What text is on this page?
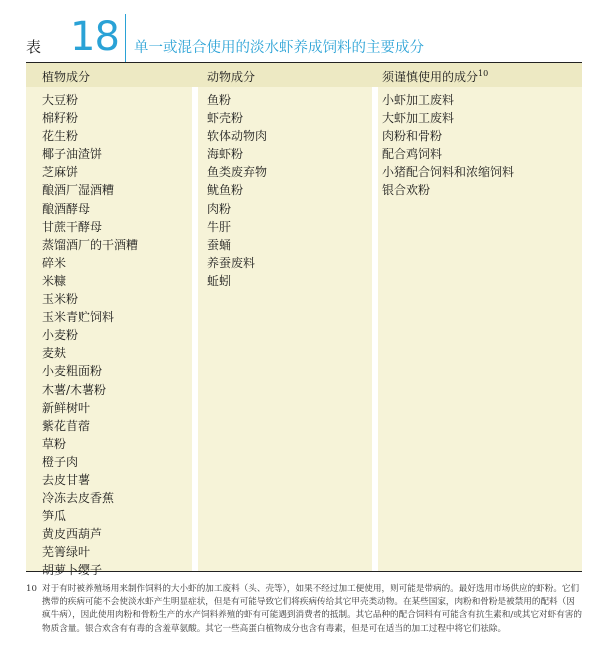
表 18 单一或混合使用的淡水虾养成饲料的主要成分
植物成分
大豆粉
棉籽粉
花生粉
椰子油渣饼
芝麻饼
酿酒厂湿酒糟
酿酒酵母
甘蔗干酵母
蒸馏酒厂的干酒糟
碎米
米糠
玉米粉
玉米青贮饲料
小麦粉
麦麸
小麦粗面粉
木薯/木薯粉
新鲜树叶
紫花苜蓿
草粉
橙子肉
去皮甘薯
冷冻去皮香蕉
笋瓜
黄皮西葫芦
芜箐绿叶
胡萝卜缨子
动物成分
鱼粉
虾壳粉
软体动物肉
海虾粉
鱼类废弃物
鱿鱼粉
肉粉
牛肝
蚕蛹
养蚕废料
蚯蚓
须谨慎使用的成分$^{10}$
小虾加工废料
大虾加工废料
肉粉和骨粉
配合鸡饲料
小猪配合饲料和浓缩饲料
银合欢粉
10 对于有时被养殖场用来制作饲料的大小虾的加工废料（头、壳等），如果不经过加工便使用，则可能是带病的。最好选用市场供应的虾粉。它们携带的疾病可能不会使淡水虾产生明显症状，但是有可能导致它们将疾病传给其它甲壳类动物。在某些国家，肉粉和骨粉是被禁用的配料（因疯牛病），因此使用肉粉和骨粉生产的水产饲料养殖的虾有可能遇到消费者的抵制。其它品种的配合饲料有可能含有抗生素和/或其它对虾有害的物质含量。银合欢含有有毒的含羞草氨酸。其它一些高蛋白植物成分也含有毒素，但是可在适当的加工过程中将它们祛除。
